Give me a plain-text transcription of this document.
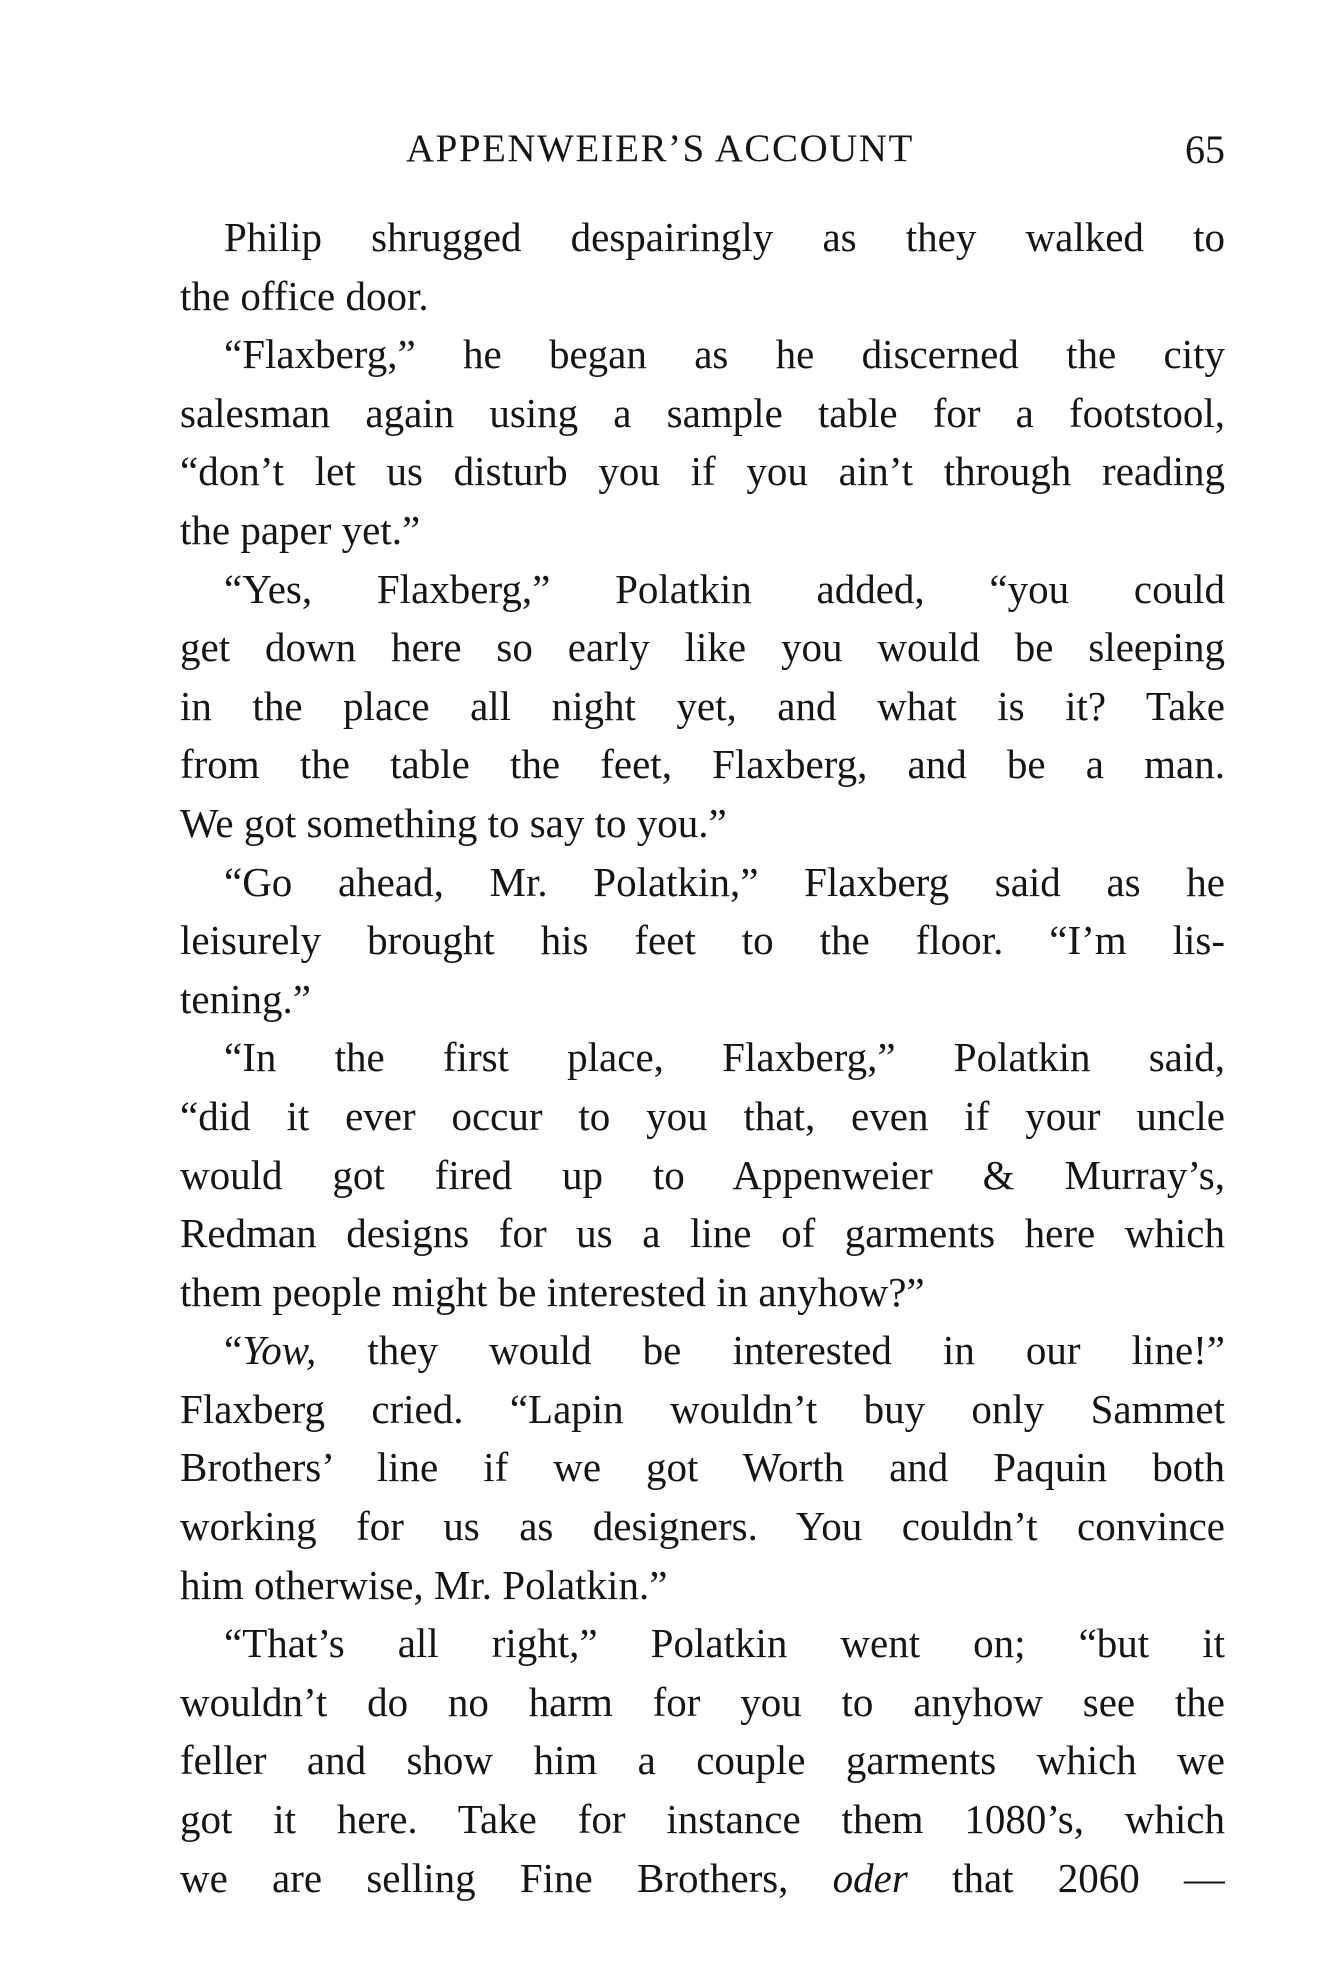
APPENWEIER’S ACCOUNT	65
Philip shrugged despairingly as they walked to
the office door.
“Flaxberg,” he began as he discerned the city
salesman again using a sample table for a footstool,
“don’t let us disturb you if you ain’t through reading
the paper yet.”
“Yes, Flaxberg,” Polatkin added, “you could
get down here so early like you would be sleeping
in the place all night yet, and what is it? Take
from the table the feet, Flaxberg, and be a man.
We got something to say to you.”
“Go ahead, Mr. Polatkin,” Flaxberg said as he
leisurely brought his feet to the floor. “I’m lis-
tening.”
“In the first place, Flaxberg,” Polatkin said,
“did it ever occur to you that, even if your uncle
would got fired up to Appenweier & Murray’s,
Redman designs for us a line of garments here which
them people might be interested in anyhow?”
“Yow, they would be interested in our line!”
Flaxberg cried. “Lapin wouldn’t buy only Sammet
Brothers’ line if we got Worth and Paquin both
working for us as designers. You couldn’t convince
him otherwise, Mr. Polatkin.”
“That’s all right,” Polatkin went on; “but it
wouldn’t do no harm for you to anyhow see the
feller and show him a couple garments which we
got it here. Take for instance them 1080’s, which
we are selling Fine Brothers, oder that 2060 —
